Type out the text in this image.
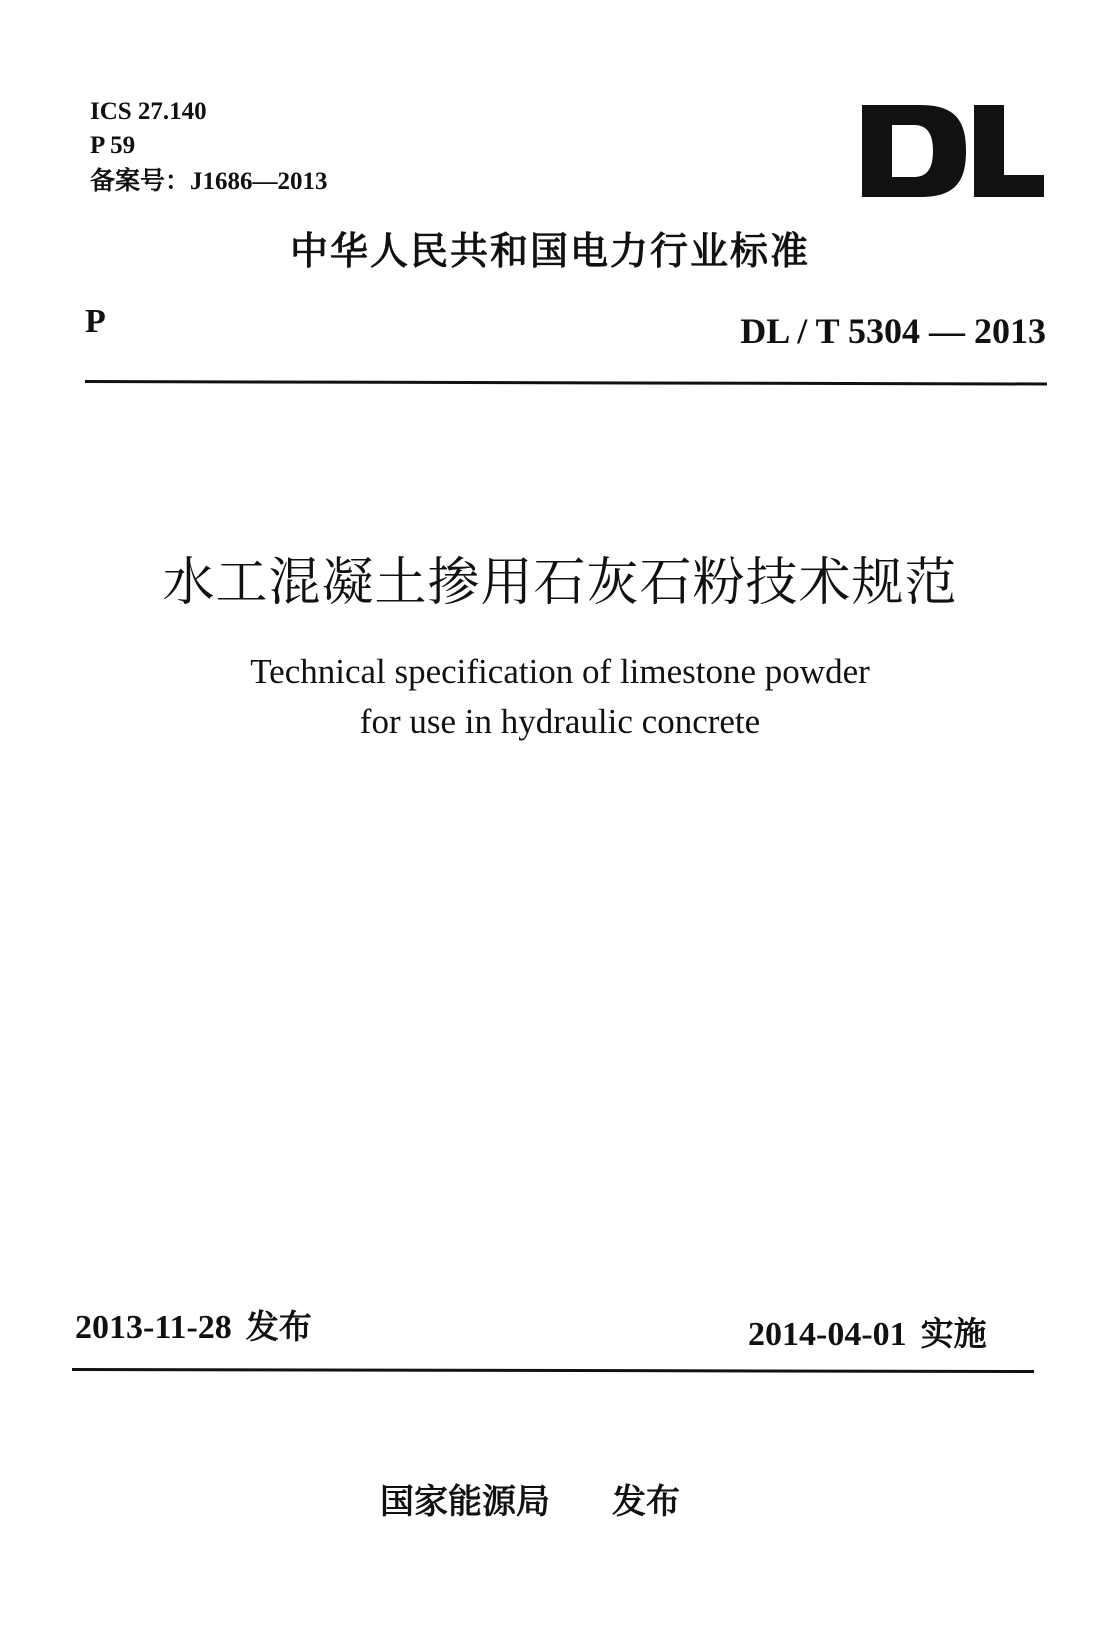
ICS 27.140
P 59
备案号：J1686—2013
中华人民共和国电力行业标准
P	DL / T 5304 — 2013
水工混凝土掺用石灰石粉技术规范
Technical specification of limestone powder
for use in hydraulic concrete
2013-11-28 发布	2014-04-01 实施
国家能源局 发布
